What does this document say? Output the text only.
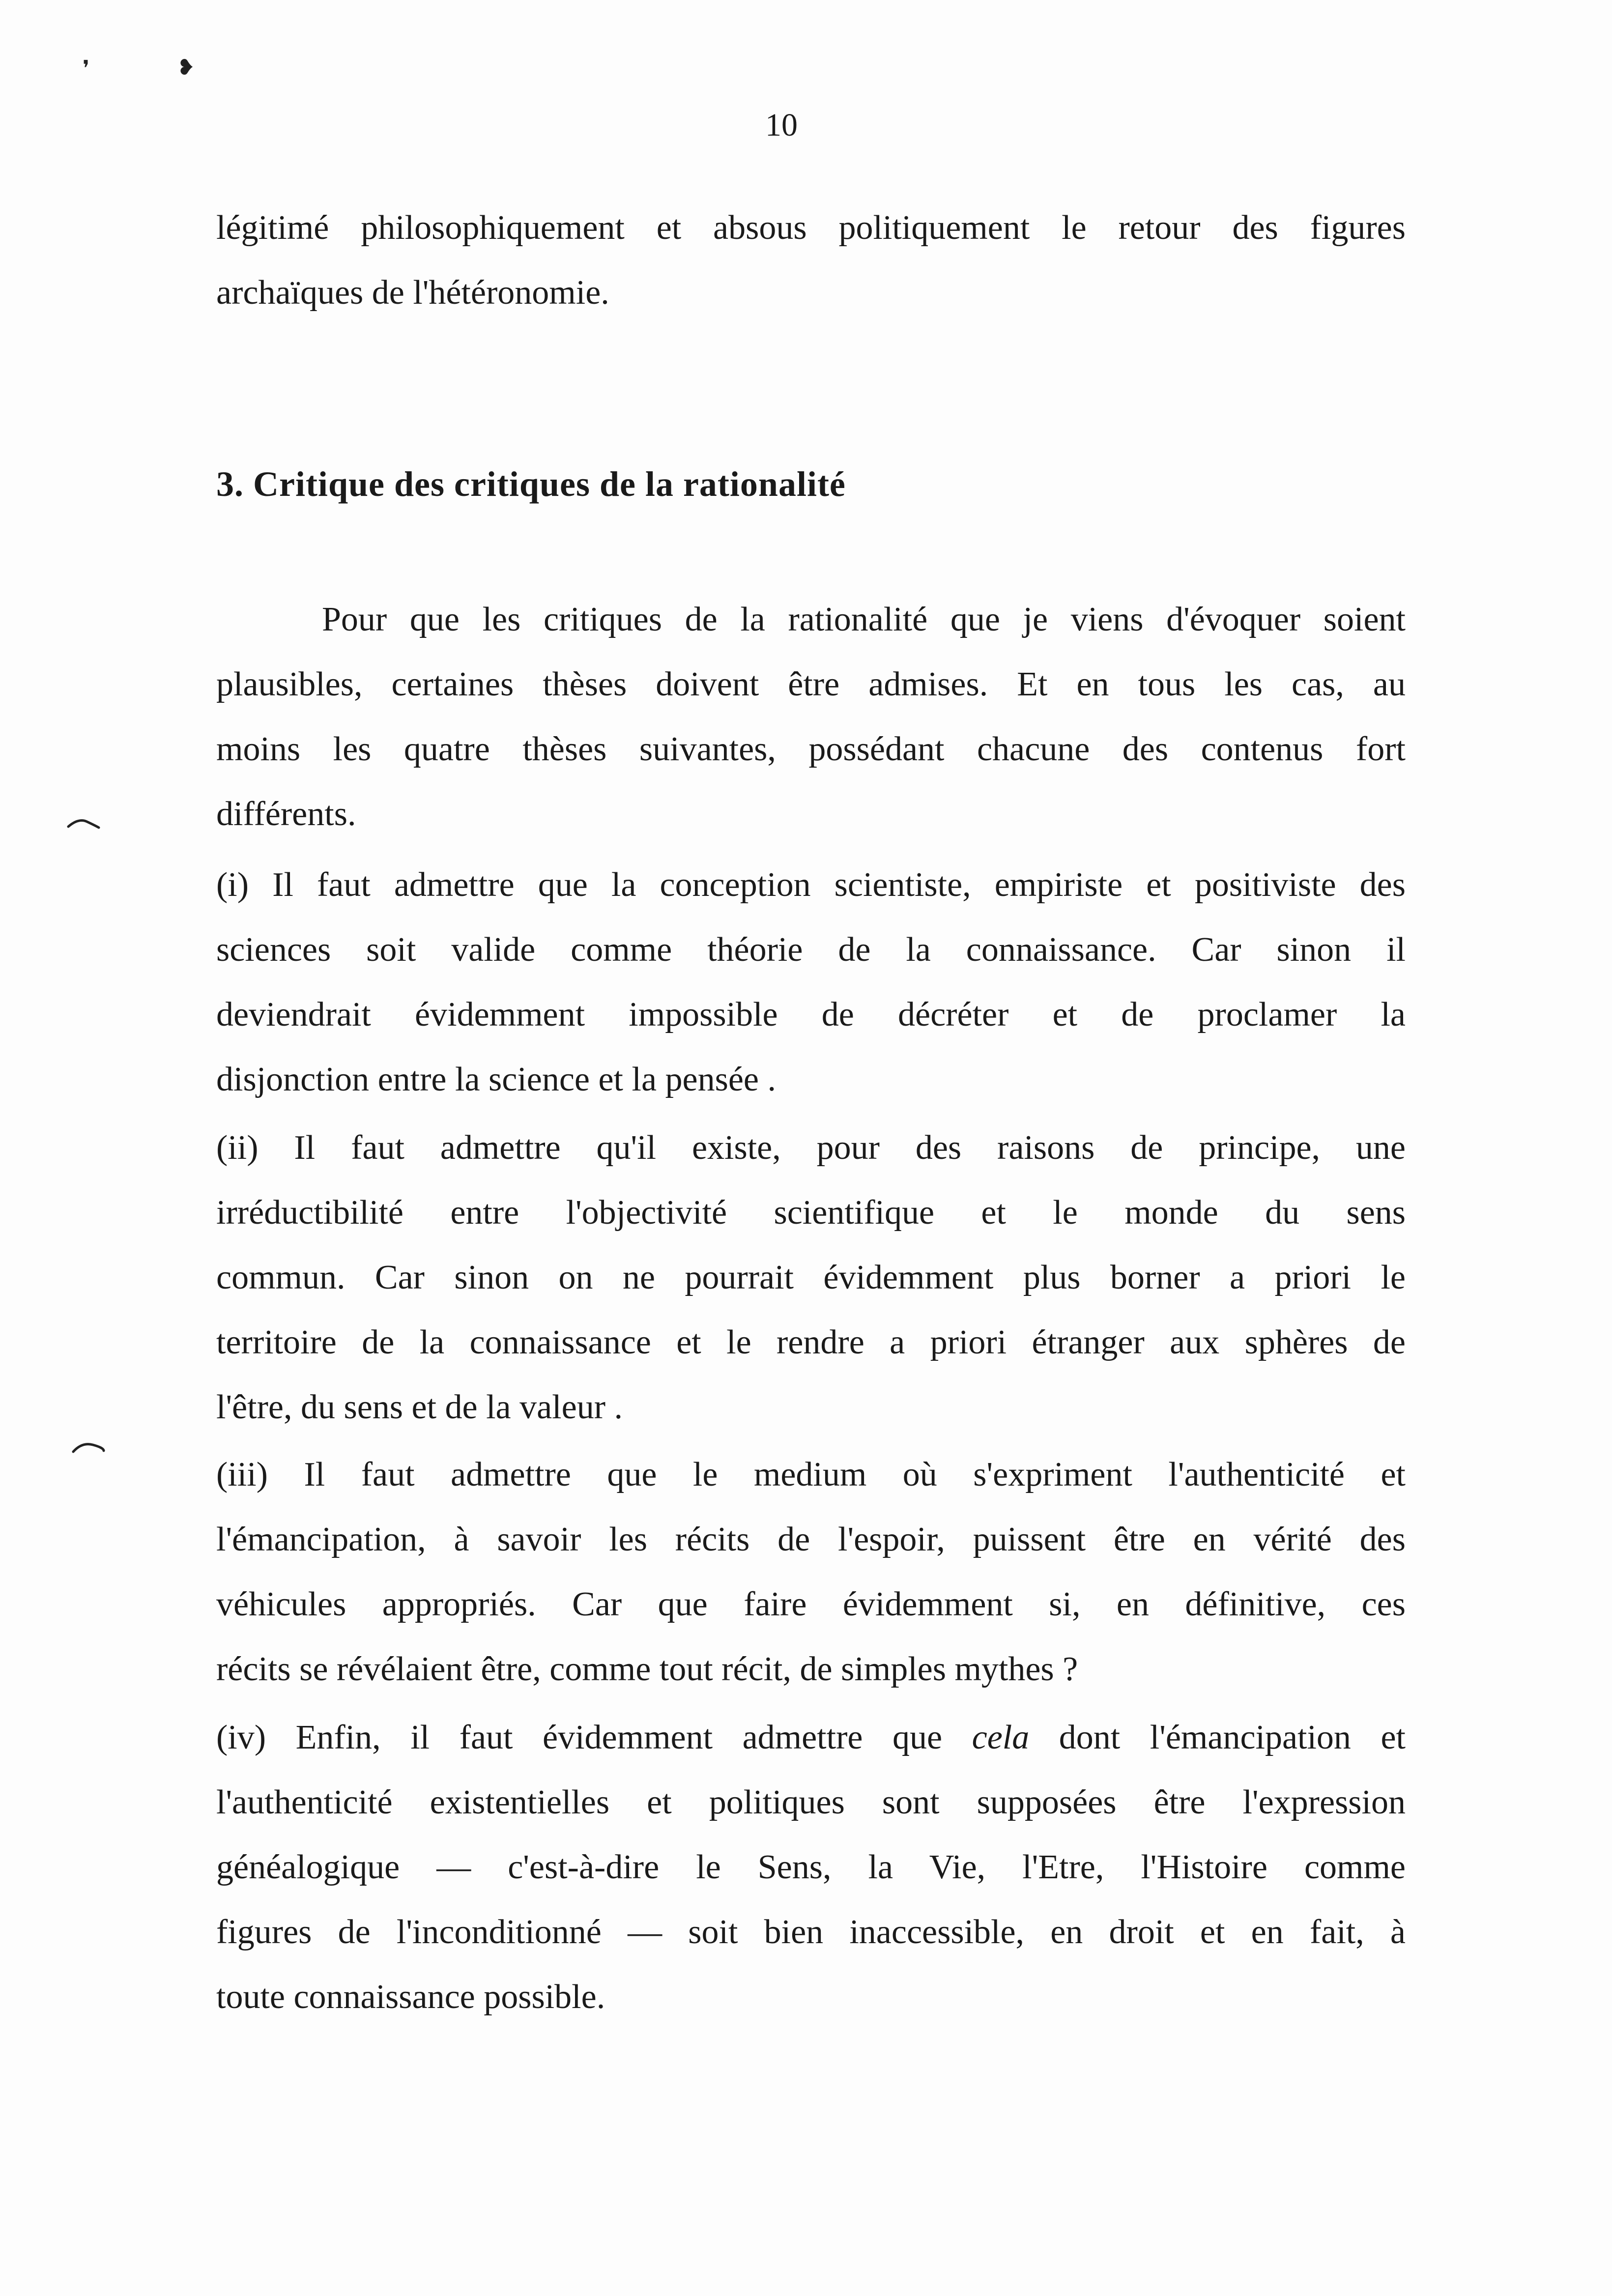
❜	❥
10
légitimé philosophiquement et absous politiquement le retour des figures
archaïques de l'hétéronomie.
3. Critique des critiques de la rationalité
Pour que les critiques de la rationalité que je viens d'évoquer soient
plausibles, certaines thèses doivent être admises. Et en tous les cas, au
moins les quatre thèses suivantes, possédant chacune des contenus fort
différents.
(i) Il faut admettre que la conception scientiste, empiriste et positiviste des
sciences soit valide comme théorie de la connaissance. Car sinon il
deviendrait évidemment impossible de décréter et de proclamer la
disjonction entre la science et la pensée .
(ii) Il faut admettre qu'il existe, pour des raisons de principe, une
irréductibilité entre l'objectivité scientifique et le monde du sens
commun. Car sinon on ne pourrait évidemment plus borner a priori le
territoire de la connaissance et le rendre a priori étranger aux sphères de
l'être, du sens et de la valeur .
(iii) Il faut admettre que le medium où s'expriment l'authenticité et
l'émancipation, à savoir les récits de l'espoir, puissent être en vérité des
véhicules appropriés. Car que faire évidemment si, en définitive, ces
récits se révélaient être, comme tout récit, de simples mythes ?
(iv) Enfin, il faut évidemment admettre que cela dont l'émancipation et
l'authenticité existentielles et politiques sont supposées être l'expression
généalogique — c'est-à-dire le Sens, la Vie, l'Etre, l'Histoire comme
figures de l'inconditionné — soit bien inaccessible, en droit et en fait, à
toute connaissance possible.
